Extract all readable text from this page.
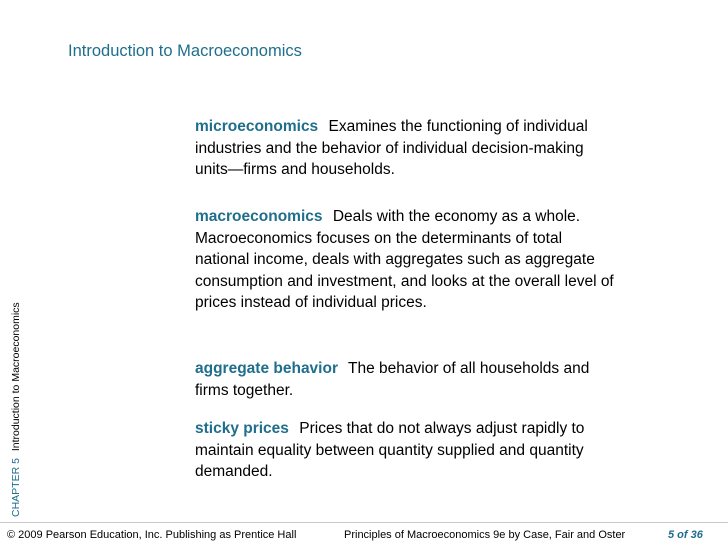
Introduction to Macroeconomics

microeconomics Examines the functioning of individual industries and the behavior of individual decision-making units—firms and households.

macroeconomics Deals with the economy as a whole. Macroeconomics focuses on the determinants of total national income, deals with aggregates such as aggregate consumption and investment, and looks at the overall level of prices instead of individual prices.

aggregate behavior The behavior of all households and firms together.

sticky prices Prices that do not always adjust rapidly to maintain equality between quantity supplied and quantity demanded.

CHAPTER 5 Introduction to Macroeconomics
© 2009 Pearson Education, Inc. Publishing as Prentice Hall	Principles of Macroeconomics 9e by Case, Fair and Oster	5 of 36
